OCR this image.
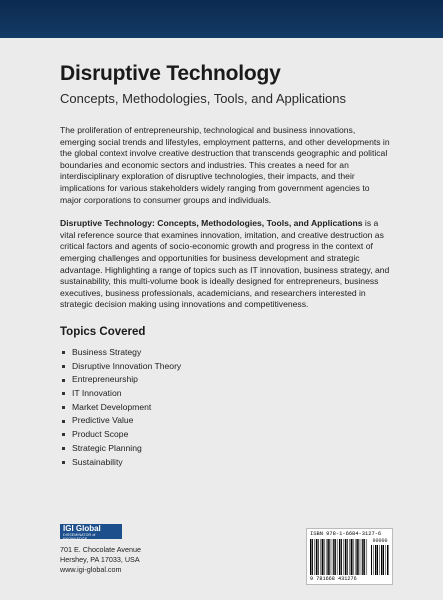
Disruptive Technology
Concepts, Methodologies, Tools, and Applications

The proliferation of entrepreneurship, technological and business innovations, emerging social trends and lifestyles, employment patterns, and other developments in the global context involve creative destruction that transcends geographic and political boundaries and economic sectors and industries. This creates a need for an interdisciplinary exploration of disruptive technologies, their impacts, and their implications for various stakeholders widely ranging from government agencies to major corporations to consumer groups and individuals.

Disruptive Technology: Concepts, Methodologies, Tools, and Applications is a vital reference source that examines innovation, imitation, and creative destruction as critical factors and agents of socio-economic growth and progress in the context of emerging challenges and opportunities for business development and strategic advantage. Highlighting a range of topics such as IT innovation, business strategy, and sustainability, this multi-volume book is ideally designed for entrepreneurs, business executives, business professionals, academicians, and researchers interested in strategic decision making using innovations and competitiveness.

Topics Covered
Business Strategy
Disruptive Innovation Theory
Entrepreneurship
IT Innovation
Market Development
Predictive Value
Product Scope
Strategic Planning
Sustainability
IGI Global
DISSEMINATOR of KNOWLEDGE
701 E. Chocolate Avenue
Hershey, PA 17033, USA
www.igi-global.com
ISBN 978-1-6684-3127-6
90000
9 781668 431276
